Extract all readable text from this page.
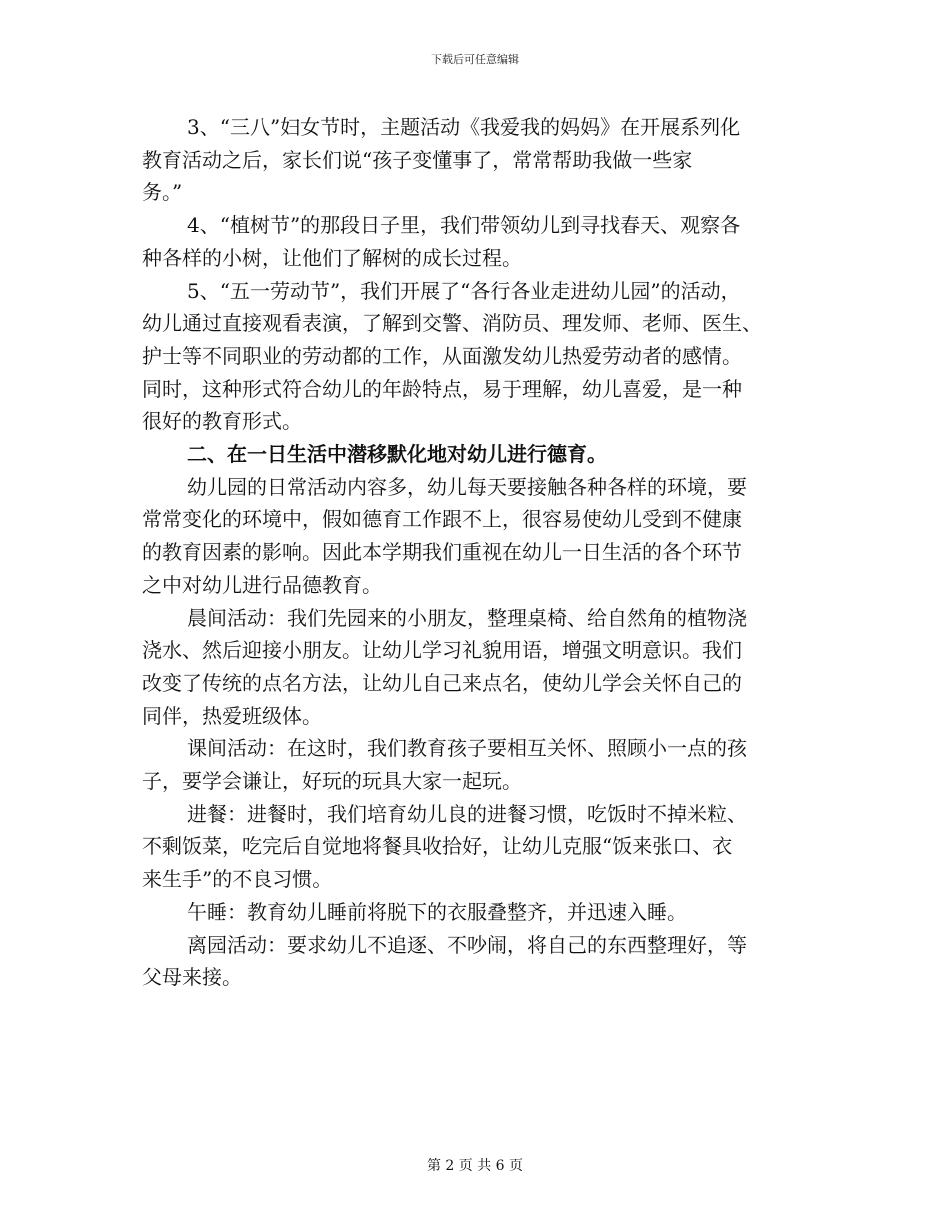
下载后可任意编辑
3、“三八”妇女节时，主题活动《我爱我的妈妈》在开展系列化
教育活动之后，家长们说“孩子变懂事了，常常帮助我做一些家
务。”
4、“植树节”的那段日子里，我们带领幼儿到寻找春天、观察各
种各样的小树，让他们了解树的成长过程。
5、“五一劳动节”，我们开展了“各行各业走进幼儿园”的活动，
幼儿通过直接观看表演，了解到交警、消防员、理发师、老师、医生、
护士等不同职业的劳动都的工作，从面激发幼儿热爱劳动者的感情。
同时，这种形式符合幼儿的年龄特点，易于理解，幼儿喜爱，是一种
很好的教育形式。
二、在一日生活中潜移默化地对幼儿进行德育。
幼儿园的日常活动内容多，幼儿每天要接触各种各样的环境，要
常常变化的环境中，假如德育工作跟不上，很容易使幼儿受到不健康
的教育因素的影响。因此本学期我们重视在幼儿一日生活的各个环节
之中对幼儿进行品德教育。
晨间活动：我们先园来的小朋友，整理桌椅、给自然角的植物浇
浇水、然后迎接小朋友。让幼儿学习礼貌用语，增强文明意识。我们
改变了传统的点名方法，让幼儿自己来点名，使幼儿学会关怀自己的
同伴，热爱班级体。
课间活动：在这时，我们教育孩子要相互关怀、照顾小一点的孩
子，要学会谦让，好玩的玩具大家一起玩。
进餐：进餐时，我们培育幼儿良的进餐习惯，吃饭时不掉米粒、
不剩饭菜，吃完后自觉地将餐具收拾好，让幼儿克服“饭来张口、衣
来生手”的不良习惯。
午睡：教育幼儿睡前将脱下的衣服叠整齐，并迅速入睡。
离园活动：要求幼儿不追逐、不吵闹，将自己的东西整理好，等
父母来接。
第 2 页 共 6 页
